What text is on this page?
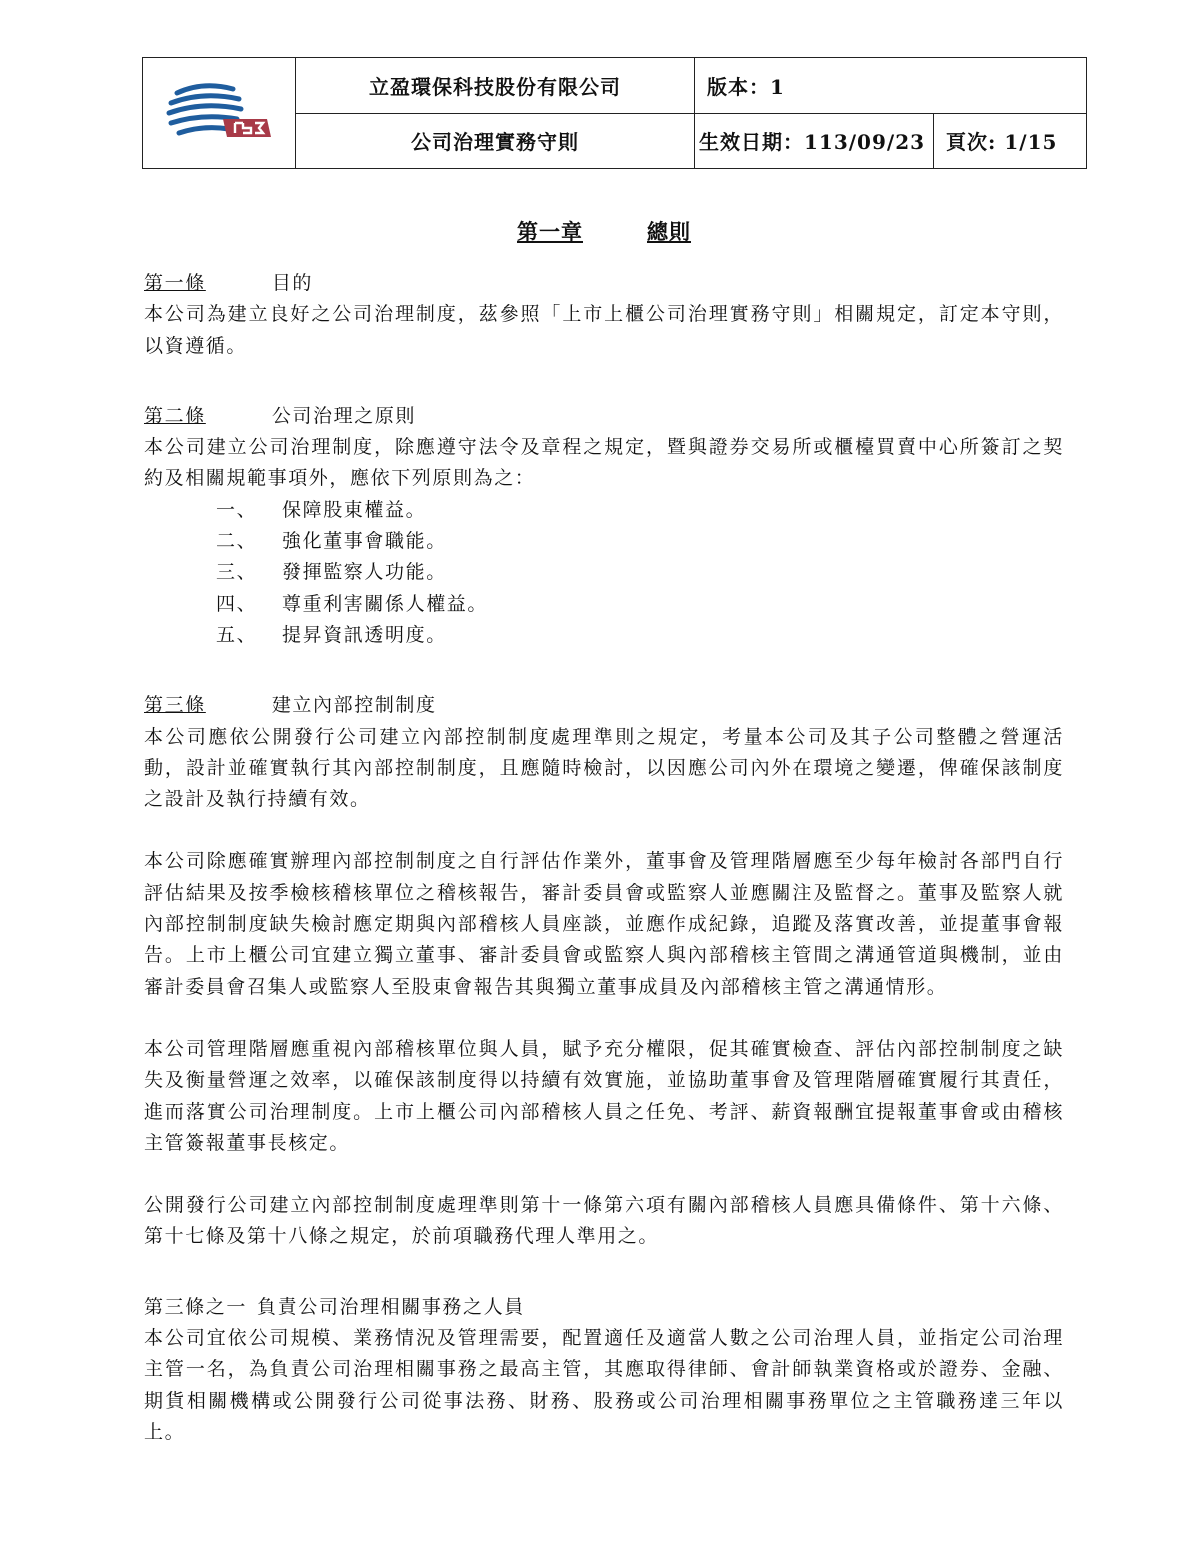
	立盈環保科技股份有限公司	版本：1	
	公司治理實務守則	生效日期：113/09/23	頁次: 1/15
第一章	總則
第一條	目的

本公司為建立良好之公司治理制度，茲參照「上市上櫃公司治理實務守則」相關規定，訂定本守則，以資遵循。

第二條	公司治理之原則

本公司建立公司治理制度，除應遵守法令及章程之規定，暨與證券交易所或櫃檯買賣中心所簽訂之契約及相關規範事項外，應依下列原則為之：

一、 保障股東權益。
二、 強化董事會職能。
三、 發揮監察人功能。
四、 尊重利害關係人權益。
五、 提昇資訊透明度。
第三條	建立內部控制制度

本公司應依公開發行公司建立內部控制制度處理準則之規定，考量本公司及其子公司整體之營運活動，設計並確實執行其內部控制制度，且應隨時檢討，以因應公司內外在環境之變遷，俾確保該制度之設計及執行持續有效。

本公司除應確實辦理內部控制制度之自行評估作業外，董事會及管理階層應至少每年檢討各部門自行評估結果及按季檢核稽核單位之稽核報告，審計委員會或監察人並應關注及監督之。董事及監察人就內部控制制度缺失檢討應定期與內部稽核人員座談，並應作成紀錄，追蹤及落實改善，並提董事會報告。上市上櫃公司宜建立獨立董事、審計委員會或監察人與內部稽核主管間之溝通管道與機制，並由審計委員會召集人或監察人至股東會報告其與獨立董事成員及內部稽核主管之溝通情形。

本公司管理階層應重視內部稽核單位與人員，賦予充分權限，促其確實檢查、評估內部控制制度之缺失及衡量營運之效率，以確保該制度得以持續有效實施，並協助董事會及管理階層確實履行其責任，進而落實公司治理制度。上市上櫃公司內部稽核人員之任免、考評、薪資報酬宜提報董事會或由稽核主管簽報董事長核定。

公開發行公司建立內部控制制度處理準則第十一條第六項有關內部稽核人員應具備條件、第十六條、第十七條及第十八條之規定，於前項職務代理人準用之。

第三條之一 負責公司治理相關事務之人員

本公司宜依公司規模、業務情況及管理需要，配置適任及適當人數之公司治理人員，並指定公司治理主管一名，為負責公司治理相關事務之最高主管，其應取得律師、會計師執業資格或於證券、金融、期貨相關機構或公開發行公司從事法務、財務、股務或公司治理相關事務單位之主管職務達三年以上。
